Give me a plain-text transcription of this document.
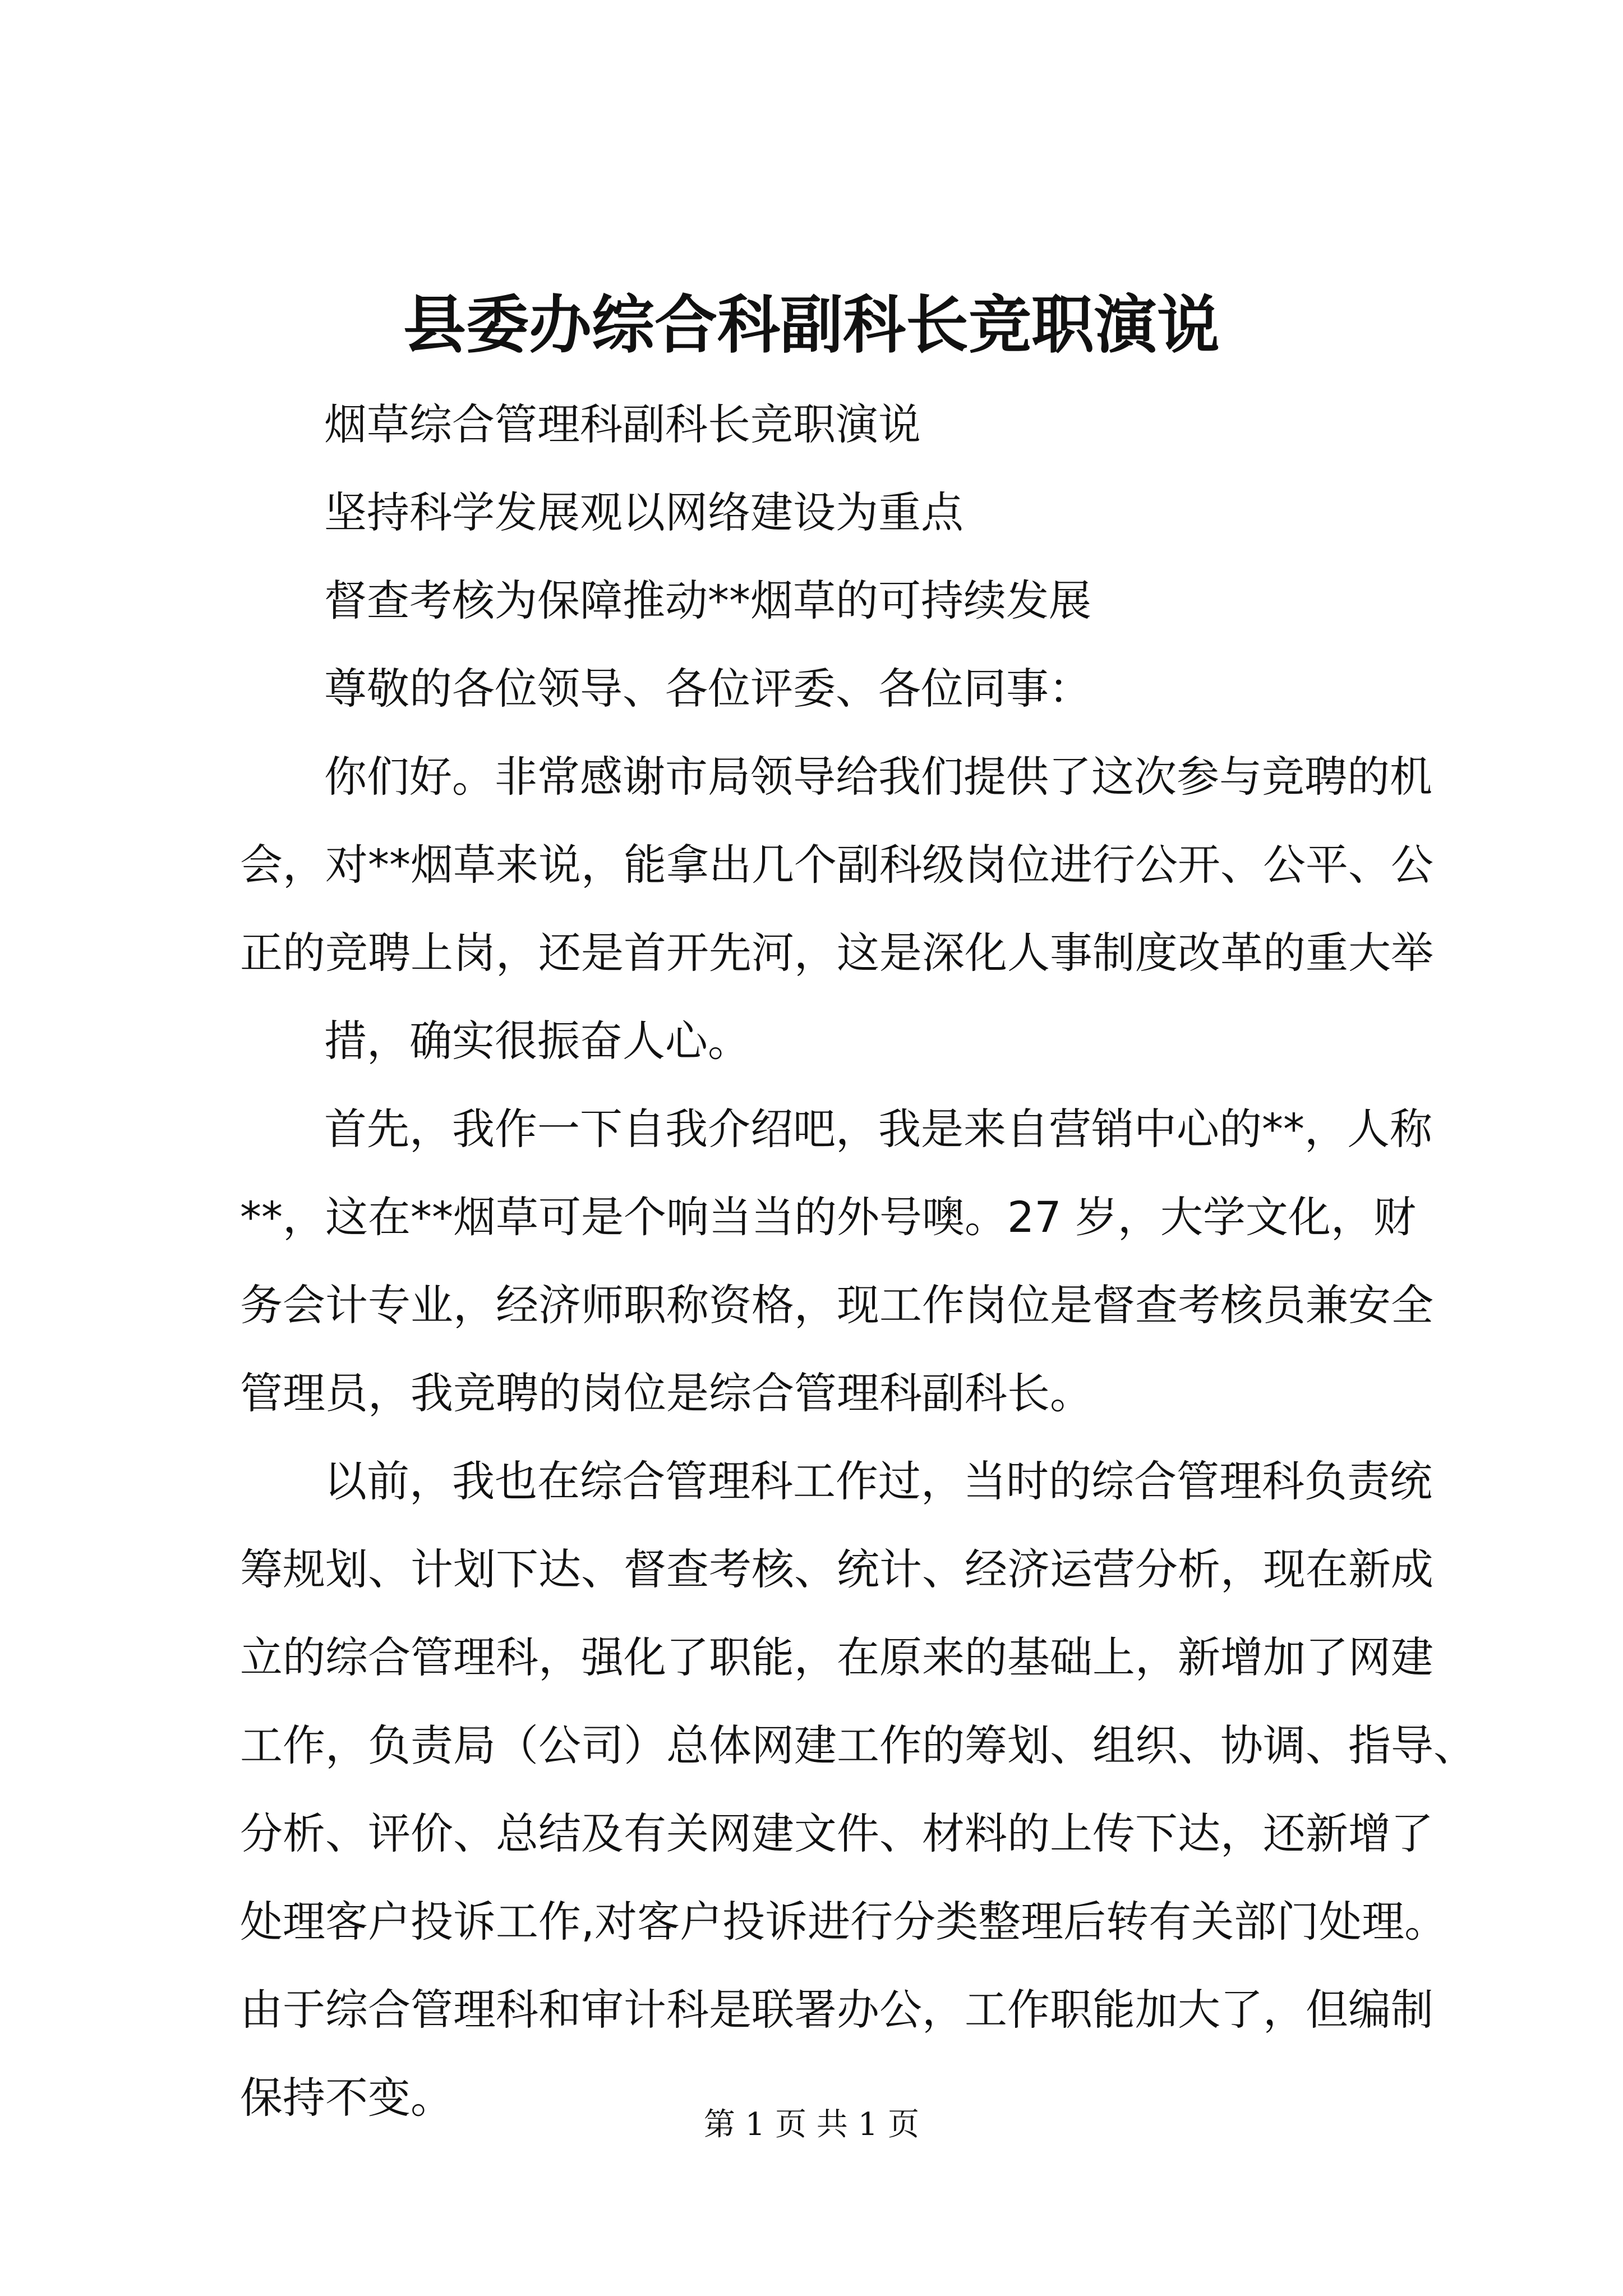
县委办综合科副科长竞职演说
烟草综合管理科副科长竞职演说
坚持科学发展观以网络建设为重点
督查考核为保障推动**烟草的可持续发展
尊敬的各位领导、各位评委、各位同事：
你们好。非常感谢市局领导给我们提供了这次参与竞聘的机
会，对**烟草来说，能拿出几个副科级岗位进行公开、公平、公
正的竞聘上岗，还是首开先河，这是深化人事制度改革的重大举
措，确实很振奋人心。
首先，我作一下自我介绍吧，我是来自营销中心的**，人称
**，这在**烟草可是个响当当的外号噢。27 岁，大学文化，财
务会计专业，经济师职称资格，现工作岗位是督查考核员兼安全
管理员，我竞聘的岗位是综合管理科副科长。
以前，我也在综合管理科工作过，当时的综合管理科负责统
筹规划、计划下达、督查考核、统计、经济运营分析，现在新成
立的综合管理科，强化了职能，在原来的基础上，新增加了网建
工作，负责局（公司）总体网建工作的筹划、组织、协调、指导、
分析、评价、总结及有关网建文件、材料的上传下达，还新增了
处理客户投诉工作,对客户投诉进行分类整理后转有关部门处理。
由于综合管理科和审计科是联署办公，工作职能加大了，但编制
保持不变。
第 1 页 共 1 页
